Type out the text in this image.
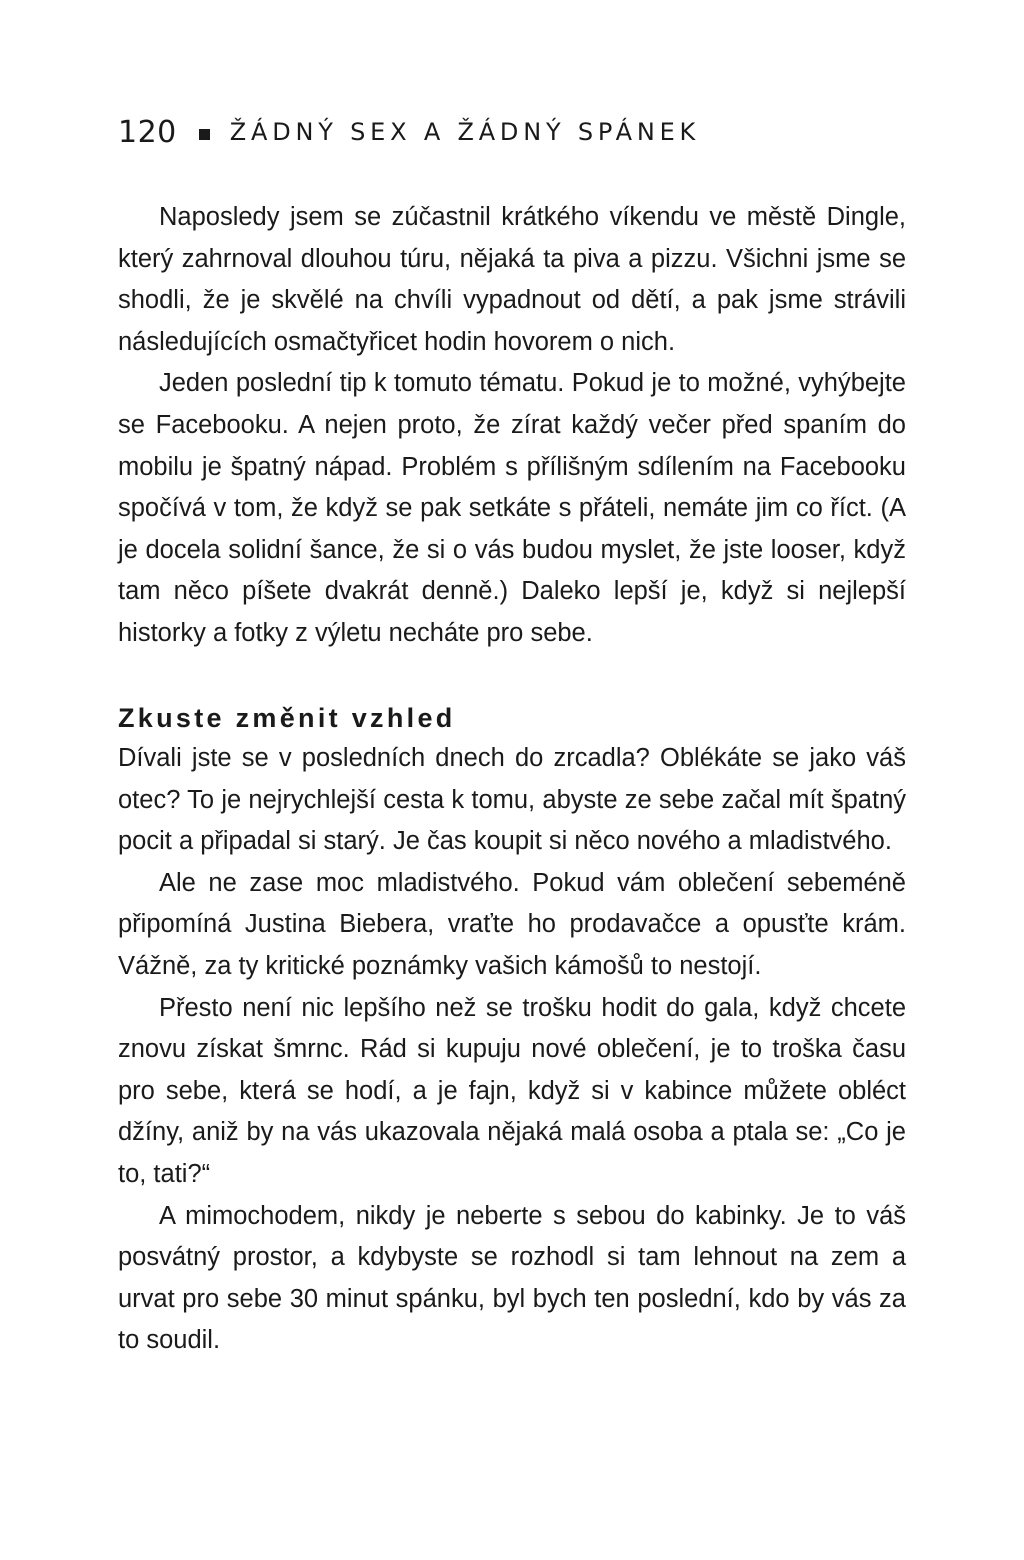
120 ŽÁDNÝ SEX A ŽÁDNÝ SPÁNEK

Naposledy jsem se zúčastnil krátkého víkendu ve městě Dingle, který zahrnoval dlouhou túru, nějaká ta piva a pizzu. Všichni jsme se shodli, že je skvělé na chvíli vypadnout od dětí, a pak jsme strávili následujících osmačtyřicet hodin hovorem o nich.

Jeden poslední tip k tomuto tématu. Pokud je to možné, vyhýbejte se Facebooku. A nejen proto, že zírat každý večer před spaním do mobilu je špatný nápad. Problém s přílišným sdílením na Facebooku spočívá v tom, že když se pak setkáte s přáteli, nemáte jim co říct. (A je docela solidní šance, že si o vás budou myslet, že jste looser, když tam něco píšete dvakrát denně.) Daleko lepší je, když si nejlepší historky a fotky z výletu necháte pro sebe.

Zkuste změnit vzhled

Dívali jste se v posledních dnech do zrcadla? Oblékáte se jako váš otec? To je nejrychlejší cesta k tomu, abyste ze sebe začal mít špatný pocit a připadal si starý. Je čas koupit si něco nového a mladistvého.

Ale ne zase moc mladistvého. Pokud vám oblečení sebeméně připomíná Justina Biebera, vraťte ho prodavačce a opusťte krám. Vážně, za ty kritické poznámky vašich kámošů to nestojí.

Přesto není nic lepšího než se trošku hodit do gala, když chcete znovu získat šmrnc. Rád si kupuju nové oblečení, je to troška času pro sebe, která se hodí, a je fajn, když si v kabince můžete obléct džíny, aniž by na vás ukazovala nějaká malá osoba a ptala se: „Co je to, tati?“

A mimochodem, nikdy je neberte s sebou do kabinky. Je to váš posvátný prostor, a kdybyste se rozhodl si tam lehnout na zem a urvat pro sebe 30 minut spánku, byl bych ten poslední, kdo by vás za to soudil.
